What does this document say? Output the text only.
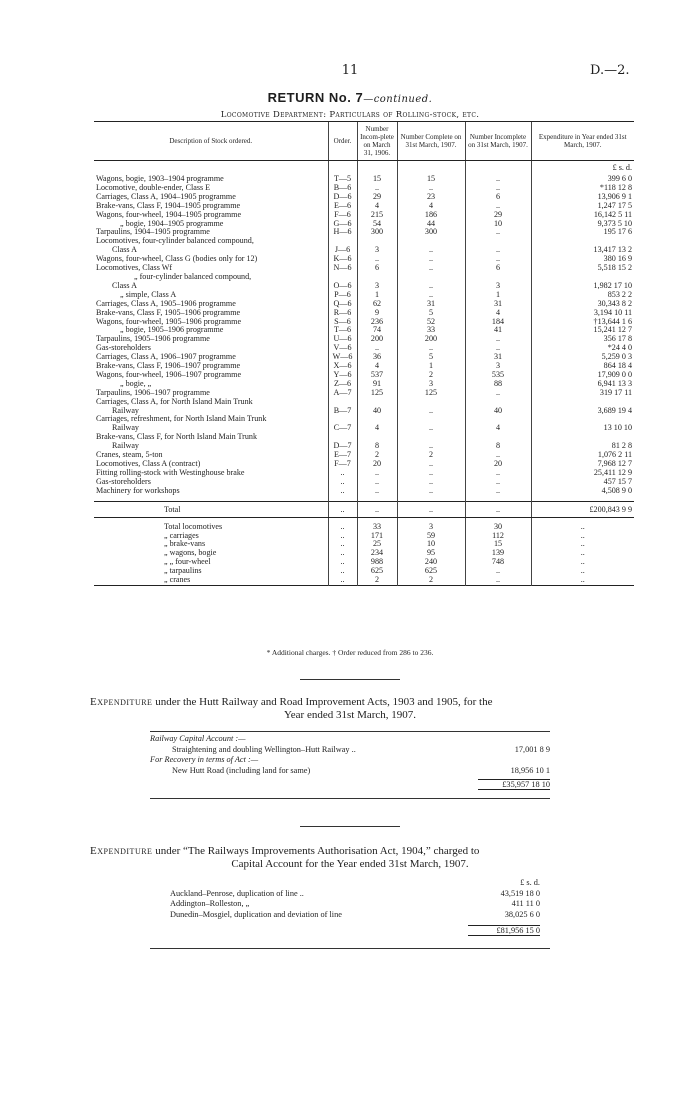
11	D.—2.
RETURN No. 7—continued.
Locomotive Department: Particulars of Rolling-stock, etc.
Description of Stock ordered.	Order.	Number Incom-plete on March 31, 1906.	Number Complete on 31st March, 1907.	Number Incomplete on 31st March, 1907.	Expenditure in Year ended 31st March, 1907.
					£ s. d.
Wagons, bogie, 1903–1904 programme	T—5	15	15	..	399 6 0
Locomotive, double-ender, Class E	B—6	..	..	..	*118 12 8
Carriages, Class A, 1904–1905 programme	D—6	29	23	6	13,906 9 1
Brake-vans, Class F, 1904–1905 programme	E—6	4	4	..	1,247 17 5
Wagons, four-wheel, 1904–1905 programme	F—6	215	186	29	16,142 5 11
„ bogie, 1904–1905 programme	G—6	54	44	10	9,373 5 10
Tarpaulins, 1904–1905 programme	H—6	300	300	..	195 17 6
Locomotives, four-cylinder balanced compound,					
Class A	J—6	3	..	..	13,417 13 2
Wagons, four-wheel, Class G (bodies only for 12)	K—6	..	..	..	380 16 9
Locomotives, Class Wf	N—6	6	..	6	5,518 15 2
„ four-cylinder balanced compound,					
Class A	O—6	3	..	3	1,982 17 10
„ simple, Class A	P—6	1	..	1	853 2 2
Carriages, Class A, 1905–1906 programme	Q—6	62	31	31	30,343 8 2
Brake-vans, Class F, 1905–1906 programme	R—6	9	5	4	3,194 10 11
Wagons, four-wheel, 1905–1906 programme	S—6	236	52	184	†13,644 1 6
„ bogie, 1905–1906 programme	T—6	74	33	41	15,241 12 7
Tarpaulins, 1905–1906 programme	U—6	200	200	..	356 17 8
Gas-storeholders	V—6	..	..	..	*24 4 0
Carriages, Class A, 1906–1907 programme	W—6	36	5	31	5,259 0 3
Brake-vans, Class F, 1906–1907 programme	X—6	4	1	3	864 18 4
Wagons, four-wheel, 1906–1907 programme	Y—6	537	2	535	17,909 0 0
„ bogie, „	Z—6	91	3	88	6,941 13 3
Tarpaulins, 1906–1907 programme	A—7	125	125	..	319 17 11
Carriages, Class A, for North Island Main Trunk					
Railway	B—7	40	..	40	3,689 19 4
Carriages, refreshment, for North Island Main Trunk					
Railway	C—7	4	..	4	13 10 10
Brake-vans, Class F, for North Island Main Trunk					
Railway	D—7	8	..	8	81 2 8
Cranes, steam, 5-ton	E—7	2	2	..	1,076 2 11
Locomotives, Class A (contract)	F—7	20	..	20	7,968 12 7
Fitting rolling-stock with Westinghouse brake	..	..	..	..	25,411 12 9
Gas-storeholders	..	..	..	..	457 15 7
Machinery for workshops	..	..	..	..	4,508 9 0

Total	..	..	..	..	£200,843 9 9

Total locomotives	..	33	3	30	..
„ carriages	..	171	59	112	..
„ brake-vans	..	25	10	15	..
„ wagons, bogie	..	234	95	139	..
„ „ four-wheel	..	988	240	748	..
„ tarpaulins	..	625	625	..	..
„ cranes	..	2	2	..	..

* Additional charges. † Order reduced from 286 to 236.
Expenditure under the Hutt Railway and Road Improvement Acts, 1903 and 1905, for the
Year ended 31st March, 1907.
Railway Capital Account :—
Straightening and doubling Wellington–Hutt Railway ..	17,001 8 9
For Recovery in terms of Act :—
New Hutt Road (including land for same)	18,956 10 1
£35,957 18 10
Expenditure under “The Railways Improvements Authorisation Act, 1904,” charged to
Capital Account for the Year ended 31st March, 1907.
£ s. d.
Auckland–Penrose, duplication of line ..	43,519 18 0
Addington–Rolleston, „	411 11 0
Dunedin–Mosgiel, duplication and deviation of line	38,025 6 0
£81,956 15 0
